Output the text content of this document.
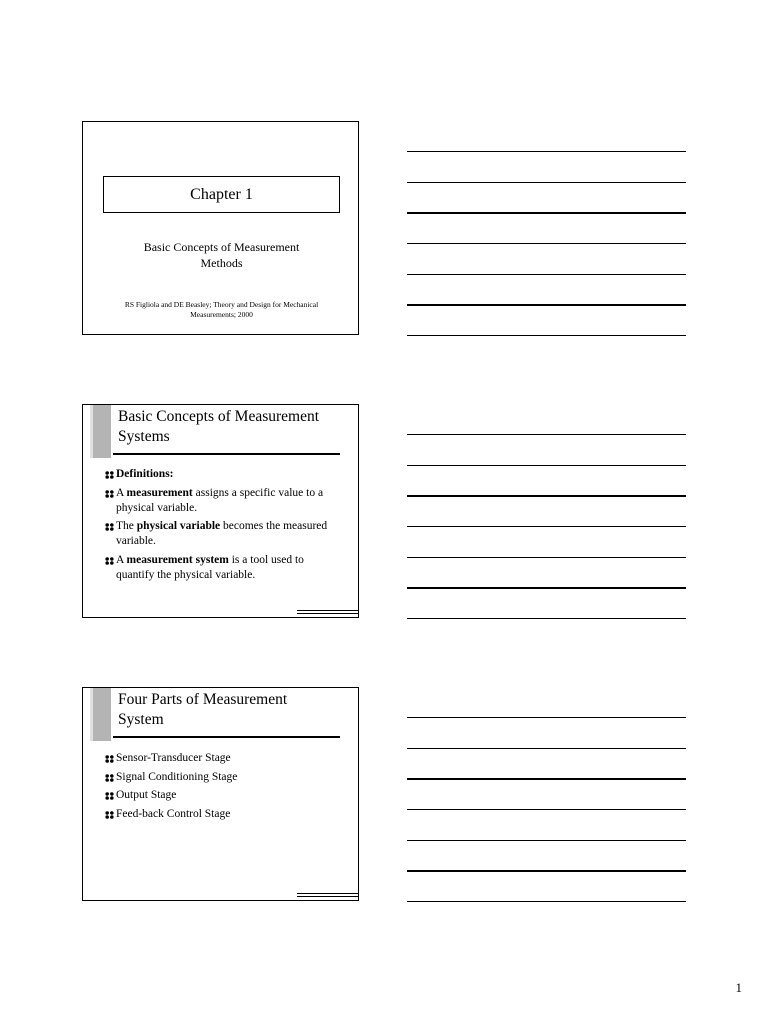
Chapter 1
Basic Concepts of Measurement
Methods
RS Figliola and DE Beasley; Theory and Design for Mechanical
Measurements; 2000
Basic Concepts of Measurement
Systems
Definitions:
A measurement assigns a specific value to a physical variable.
The physical variable becomes the measured variable.
A measurement system is a tool used to quantify the physical variable.
Four Parts of Measurement
System
Sensor-Transducer Stage
Signal Conditioning Stage
Output Stage
Feed-back Control Stage
1
